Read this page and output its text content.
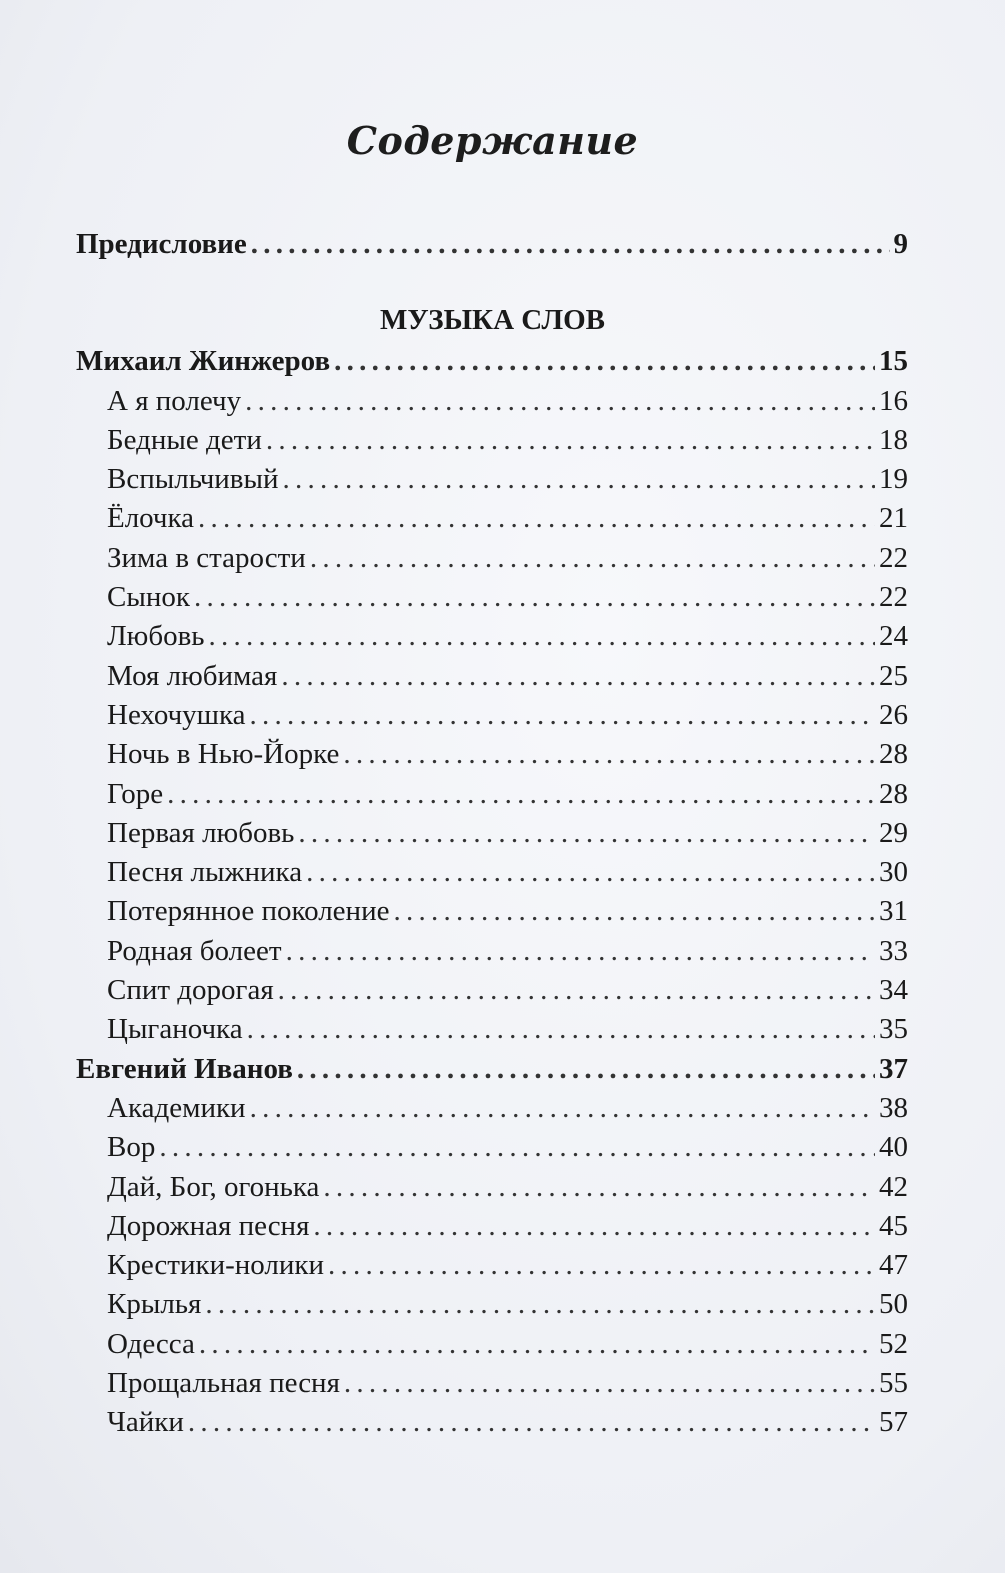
Содержание
Предисловие . . .	9
Михаил Жинжеров . . .	15
А я полечу . . .	16
Бедные дети . . .	18
Вспыльчивый . . .	19
Ёлочка . . .	21
Зима в старости . . .	22
Сынок . . .	22
Любовь . . .	24
Моя любимая . . .	25
Нехочушка . . .	26
Ночь в Нью-Йорке . . .	28
Горе . . .	28
Первая любовь . . .	29
Песня лыжника . . .	30
Потерянное поколение . . .	31
Родная болеет . . .	33
Спит дорогая . . .	34
Цыганочка . . .	35
Евгений Иванов . . .	37
Академики . . .	38
Вор . . .	40
Дай, Бог, огонька . . .	42
Дорожная песня . . .	45
Крестики-нолики . . .	47
Крылья . . .	50
Одесса . . .	52
Прощальная песня . . .	55
Чайки . . .	57
МУЗЫКА СЛОВ
